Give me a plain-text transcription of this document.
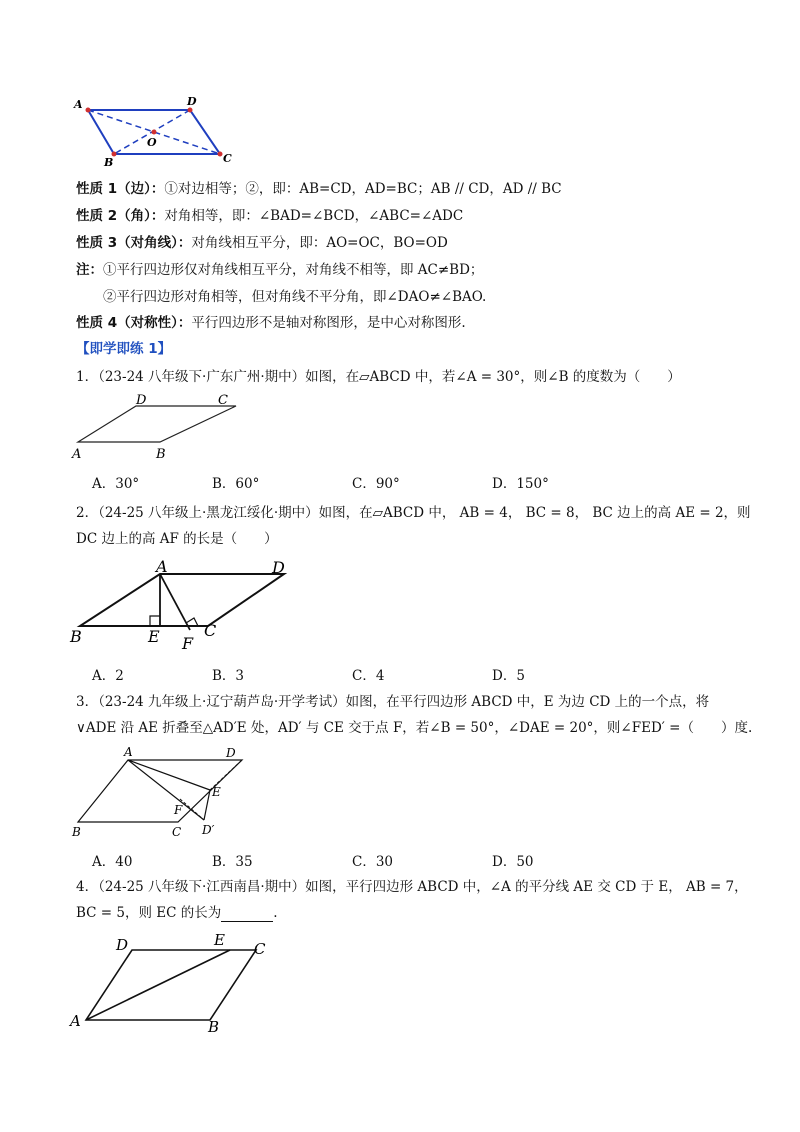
A	D
C
B
O
性质 1（边）：①对边相等；②，即：AB=CD，AD=BC；AB // CD，AD // BC
性质 2（角）：对角相等，即：∠BAD=∠BCD，∠ABC=∠ADC
性质 3（对角线）：对角线相互平分，即：AO=OC，BO=OD
注：①平行四边形仅对角线相互平分，对角线不相等，即 AC≠BD；
②平行四边形对角相等，但对角线不平分角，即∠DAO≠∠BAO.
性质 4（对称性）：平行四边形不是轴对称图形，是中心对称图形.
【即学即练 1】
1．（23-24 八年级下·广东广州·期中）如图，在▱ABCD 中，若∠A = 30°，则∠B 的度数为（　　）
A	B
C
D
A．30°	B．60°	C．90°	D．150°
2．（24-25 八年级上·黑龙江绥化·期中）如图，在▱ABCD 中， AB = 4， BC = 8， BC 边上的高 AE = 2，则
DC 边上的高 AF 的长是（　　）
A	D
B	E	C
F
A．2	B．3	C．4	D．5
3．（23-24 九年级上·辽宁葫芦岛·开学考试）如图，在平行四边形 ABCD 中，E 为边 CD 上的一个点，将
∨ADE 沿 AE 折叠至△AD′E 处，AD′ 与 CE 交于点 F，若∠B = 50°，∠DAE = 20°，则∠FED′ =（　　）度.
A	D
E
F
B	C D′
A．40	B．35	C．30	D．50
4．（24-25 八年级下·江西南昌·期中）如图，平行四边形 ABCD 中，∠A 的平分线 AE 交 CD 于 E， AB = 7，
BC = 5，则 EC 的长为	.
D	E C
A	B
